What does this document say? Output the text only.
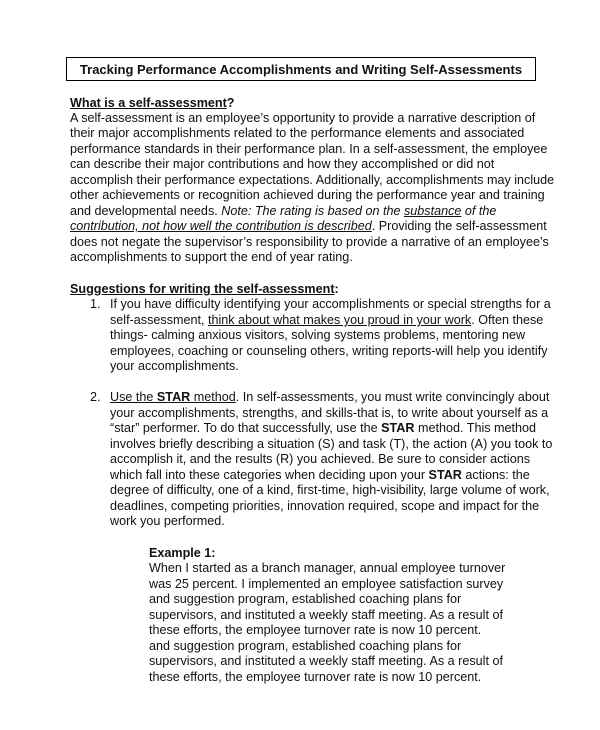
Tracking Performance Accomplishments and Writing Self-Assessments
What is a self-assessment?
A self-assessment is an employee’s opportunity to provide a narrative description of
their major accomplishments related to the performance elements and associated
performance standards in their performance plan. In a self-assessment, the employee
can describe their major contributions and how they accomplished or did not
accomplish their performance expectations. Additionally, accomplishments may include
other achievements or recognition achieved during the performance year and training
and developmental needs. Note: The rating is based on the substance of the
contribution, not how well the contribution is described. Providing the self-assessment
does not negate the supervisor’s responsibility to provide a narrative of an employee’s
accomplishments to support the end of year rating.
Suggestions for writing the self-assessment:
1. If you have difficulty identifying your accomplishments or special strengths for a
self-assessment, think about what makes you proud in your work. Often these
things- calming anxious visitors, solving systems problems, mentoring new
employees, coaching or counseling others, writing reports-will help you identify
your accomplishments.
2. Use the STAR method. In self-assessments, you must write convincingly about
your accomplishments, strengths, and skills-that is, to write about yourself as a
“star” performer. To do that successfully, use the STAR method. This method
involves briefly describing a situation (S) and task (T), the action (A) you took to
accomplish it, and the results (R) you achieved. Be sure to consider actions
which fall into these categories when deciding upon your STAR actions: the
degree of difficulty, one of a kind, first-time, high-visibility, large volume of work,
deadlines, competing priorities, innovation required, scope and impact for the
work you performed.
Example 1:
When I started as a branch manager, annual employee turnover
was 25 percent. I implemented an employee satisfaction survey
and suggestion program, established coaching plans for
supervisors, and instituted a weekly staff meeting. As a result of
these efforts, the employee turnover rate is now 10 percent.
and suggestion program, established coaching plans for
supervisors, and instituted a weekly staff meeting. As a result of
these efforts, the employee turnover rate is now 10 percent.
